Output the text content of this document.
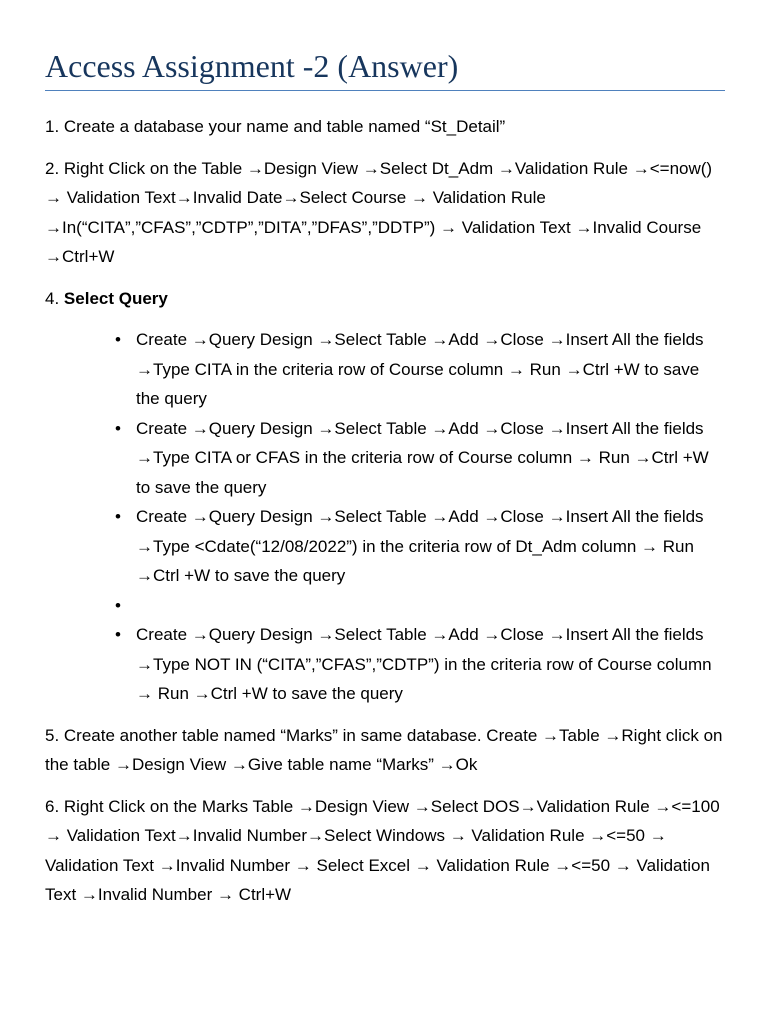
Access Assignment -2 (Answer)

1. Create a database your name and table named “St_Detail”

2. Right Click on the Table →Design View →Select Dt_Adm →Validation Rule →<=now() → Validation Text→Invalid Date→Select Course → Validation Rule →In(“CITA”,”CFAS”,”CDTP”,”DITA”,”DFAS”,”DDTP”) → Validation Text →Invalid Course →Ctrl+W

4. Select Query

• Create →Query Design →Select Table →Add →Close →Insert All the fields →Type CITA in the criteria row of Course column → Run →Ctrl +W to save the query
• Create →Query Design →Select Table →Add →Close →Insert All the fields →Type CITA or CFAS in the criteria row of Course column → Run →Ctrl +W to save the query
• Create →Query Design →Select Table →Add →Close →Insert All the fields →Type <Cdate(“12/08/2022”) in the criteria row of Dt_Adm column → Run →Ctrl +W to save the query
•
• Create →Query Design →Select Table →Add →Close →Insert All the fields →Type NOT IN (“CITA”,”CFAS”,”CDTP”) in the criteria row of Course column → Run →Ctrl +W to save the query

5. Create another table named “Marks” in same database. Create →Table →Right click on the table →Design View →Give table name “Marks” →Ok

6. Right Click on the Marks Table →Design View →Select DOS→Validation Rule →<=100 → Validation Text→Invalid Number→Select Windows → Validation Rule →<=50 → Validation Text →Invalid Number → Select Excel → Validation Rule →<=50 → Validation Text →Invalid Number → Ctrl+W
